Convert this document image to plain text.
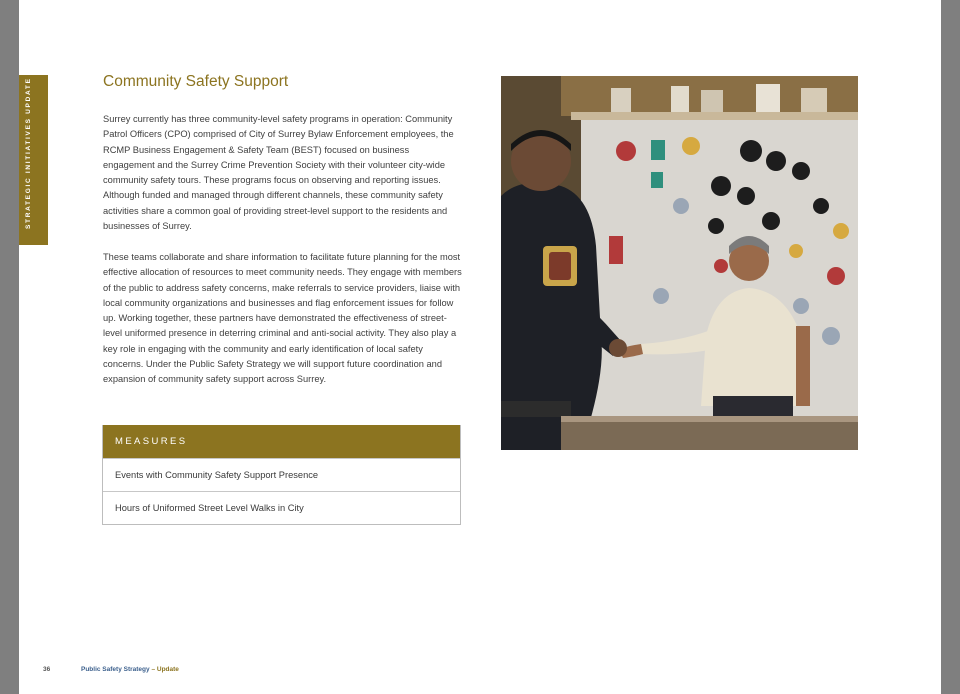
STRATEGIC INITIATIVES UPDATE	Community Safety Support

Surrey currently has three community-level safety programs in operation: Community Patrol Officers (CPO) comprised of City of Surrey Bylaw Enforcement employees, the RCMP Business Engagement & Safety Team (BEST) focused on business engagement and the Surrey Crime Prevention Society with their volunteer city-wide community safety tours. These programs focus on observing and reporting issues. Although funded and managed through different channels, these community safety activities share a common goal of providing street-level support to the residents and businesses of Surrey.

These teams collaborate and share information to facilitate future planning for the most effective allocation of resources to meet community needs. They engage with members of the public to address safety concerns, make referrals to service providers, liaise with local community organizations and businesses and flag enforcement issues for follow up. Working together, these partners have demonstrated the effectiveness of street-level uniformed presence in deterring criminal and anti-social activity. They also play a key role in engaging with the community and early identification of local safety concerns. Under the Public Safety Strategy we will support future coordination and expansion of community safety support across Surrey.

MEASURES
Events with Community Safety Support Presence
Hours of Uniformed Street Level Walks in City
36	Public Safety Strategy – Update
